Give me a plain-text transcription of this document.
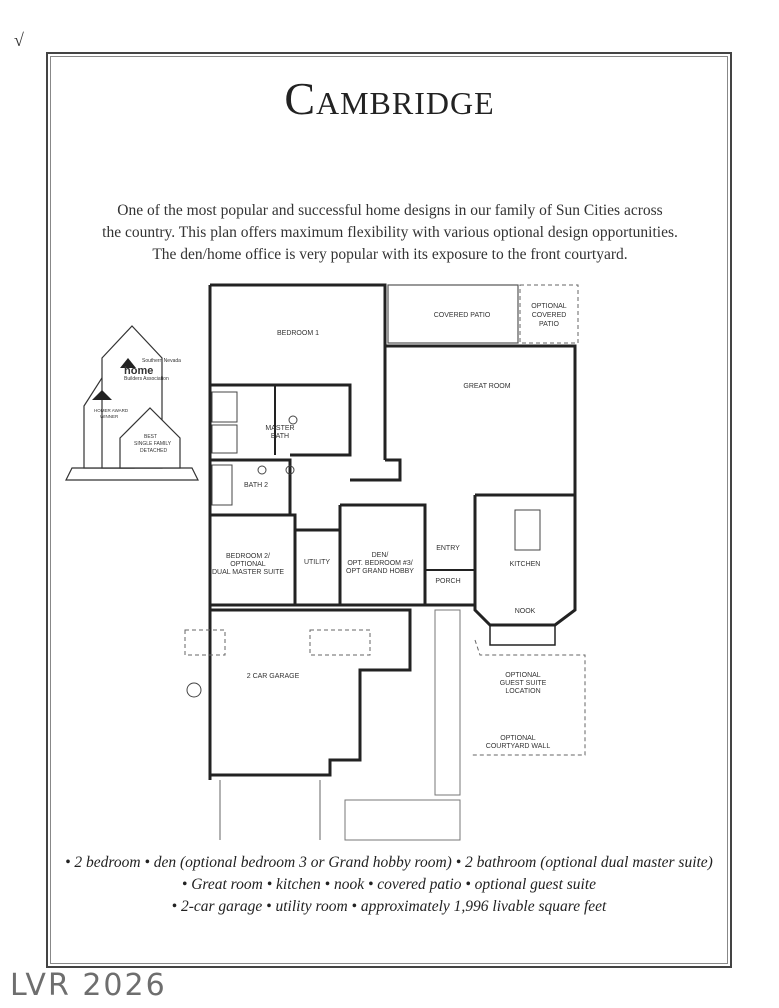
√
Cambridge
One of the most popular and successful home designs in our family of Sun Cities across
the country. This plan offers maximum flexibility with various optional design opportunities.
The den/home office is very popular with its exposure to the front courtyard.
Southern Nevada
home
Builders Association
HOMER AWARD
WINNER
BEST
SINGLE FAMILY
DETACHED
BEDROOM 1
COVERED PATIO
OPTIONAL
COVERED
PATIO
GREAT ROOM
MASTER
BATH
BATH 2
BEDROOM 2/
OPTIONAL
DUAL MASTER SUITE
UTILITY
DEN/
OPT. BEDROOM #3/
OPT GRAND HOBBY
ENTRY
PORCH
KITCHEN
NOOK
2 CAR GARAGE	OPTIONAL
GUEST SUITE
LOCATION
OPTIONAL
COURTYARD WALL
• 2 bedroom • den (optional bedroom 3 or Grand hobby room) • 2 bathroom (optional dual master suite)
• Great room • kitchen • nook • covered patio • optional guest suite
• 2-car garage • utility room • approximately 1,996 livable square feet
LVR 2026
